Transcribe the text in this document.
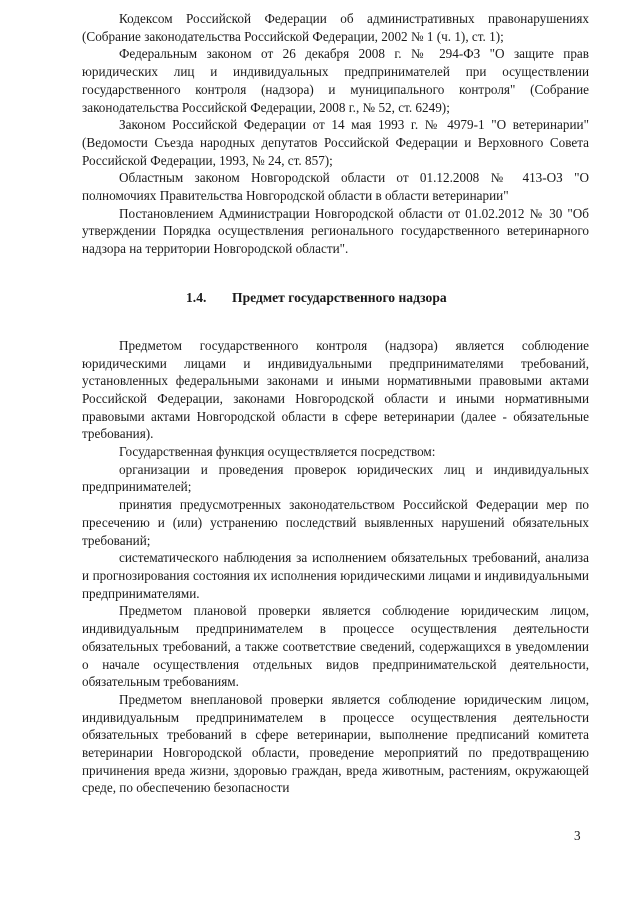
Кодексом Российской Федерации об административных правонарушениях (Собрание законодательства Российской Федерации, 2002 № 1 (ч. 1), ст. 1);

Федеральным законом от 26 декабря 2008 г. № 294-ФЗ "О защите прав юридических лиц и индивидуальных предпринимателей при осуществлении государственного контроля (надзора) и муниципального контроля" (Собрание законодательства Российской Федерации, 2008 г., № 52, ст. 6249);

Законом Российской Федерации от 14 мая 1993 г. № 4979-1 "О ветеринарии" (Ведомости Съезда народных депутатов Российской Федерации и Верховного Совета Российской Федерации, 1993, № 24, ст. 857);

Областным законом Новгородской области от 01.12.2008 № 413-ОЗ "О полномочиях Правительства Новгородской области в области ветеринарии"

Постановлением Администрации Новгородской области от 01.02.2012 № 30 "Об утверждении Порядка осуществления регионального государственного ветеринарного надзора на территории Новгородской области".

1.4. Предмет государственного надзора

Предметом государственного контроля (надзора) является соблюдение юридическими лицами и индивидуальными предпринимателями требований, установленных федеральными законами и иными нормативными правовыми актами Российской Федерации, законами Новгородской области и иными нормативными правовыми актами Новгородской области в сфере ветеринарии (далее - обязательные требования).

Государственная функция осуществляется посредством:

организации и проведения проверок юридических лиц и индивидуальных предпринимателей;

принятия предусмотренных законодательством Российской Федерации мер по пресечению и (или) устранению последствий выявленных нарушений обязательных требований;

систематического наблюдения за исполнением обязательных требований, анализа и прогнозирования состояния их исполнения юридическими лицами и индивидуальными предпринимателями.

Предметом плановой проверки является соблюдение юридическим лицом, индивидуальным предпринимателем в процессе осуществления деятельности обязательных требований, а также соответствие сведений, содержащихся в уведомлении о начале осуществления отдельных видов предпринимательской деятельности, обязательным требованиям.

Предметом внеплановой проверки является соблюдение юридическим лицом, индивидуальным предпринимателем в процессе осуществления деятельности обязательных требований в сфере ветеринарии, выполнение предписаний комитета ветеринарии Новгородской области, проведение мероприятий по предотвращению причинения вреда жизни, здоровью граждан, вреда животным, растениям, окружающей среде, по обеспечению безопасности

3
